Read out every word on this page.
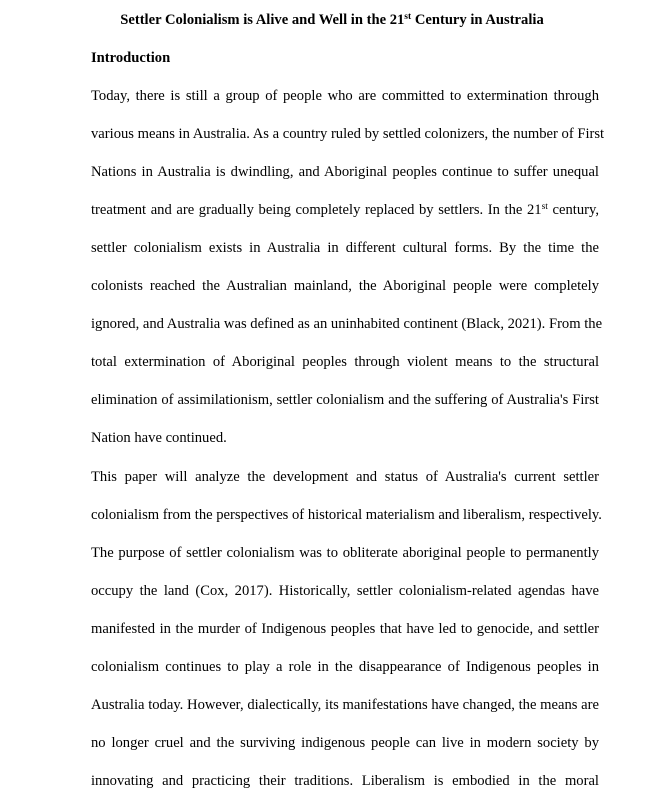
Settler Colonialism is Alive and Well in the 21st Century in Australia
Introduction
Today, there is still a group of people who are committed to extermination through
various means in Australia. As a country ruled by settled colonizers, the number of First
Nations in Australia is dwindling, and Aboriginal peoples continue to suffer unequal
treatment and are gradually being completely replaced by settlers. In the 21st century,
settler colonialism exists in Australia in different cultural forms. By the time the
colonists reached the Australian mainland, the Aboriginal people were completely
ignored, and Australia was defined as an uninhabited continent (Black, 2021). From the
total extermination of Aboriginal peoples through violent means to the structural
elimination of assimilationism, settler colonialism and the suffering of Australia's First
Nation have continued.
This paper will analyze the development and status of Australia's current settler
colonialism from the perspectives of historical materialism and liberalism, respectively.
The purpose of settler colonialism was to obliterate aboriginal people to permanently
occupy the land (Cox, 2017). Historically, settler colonialism-related agendas have
manifested in the murder of Indigenous peoples that have led to genocide, and settler
colonialism continues to play a role in the disappearance of Indigenous peoples in
Australia today. However, dialectically, its manifestations have changed, the means are
no longer cruel and the surviving indigenous people can live in modern society by
innovating and practicing their traditions. Liberalism is embodied in the moral
